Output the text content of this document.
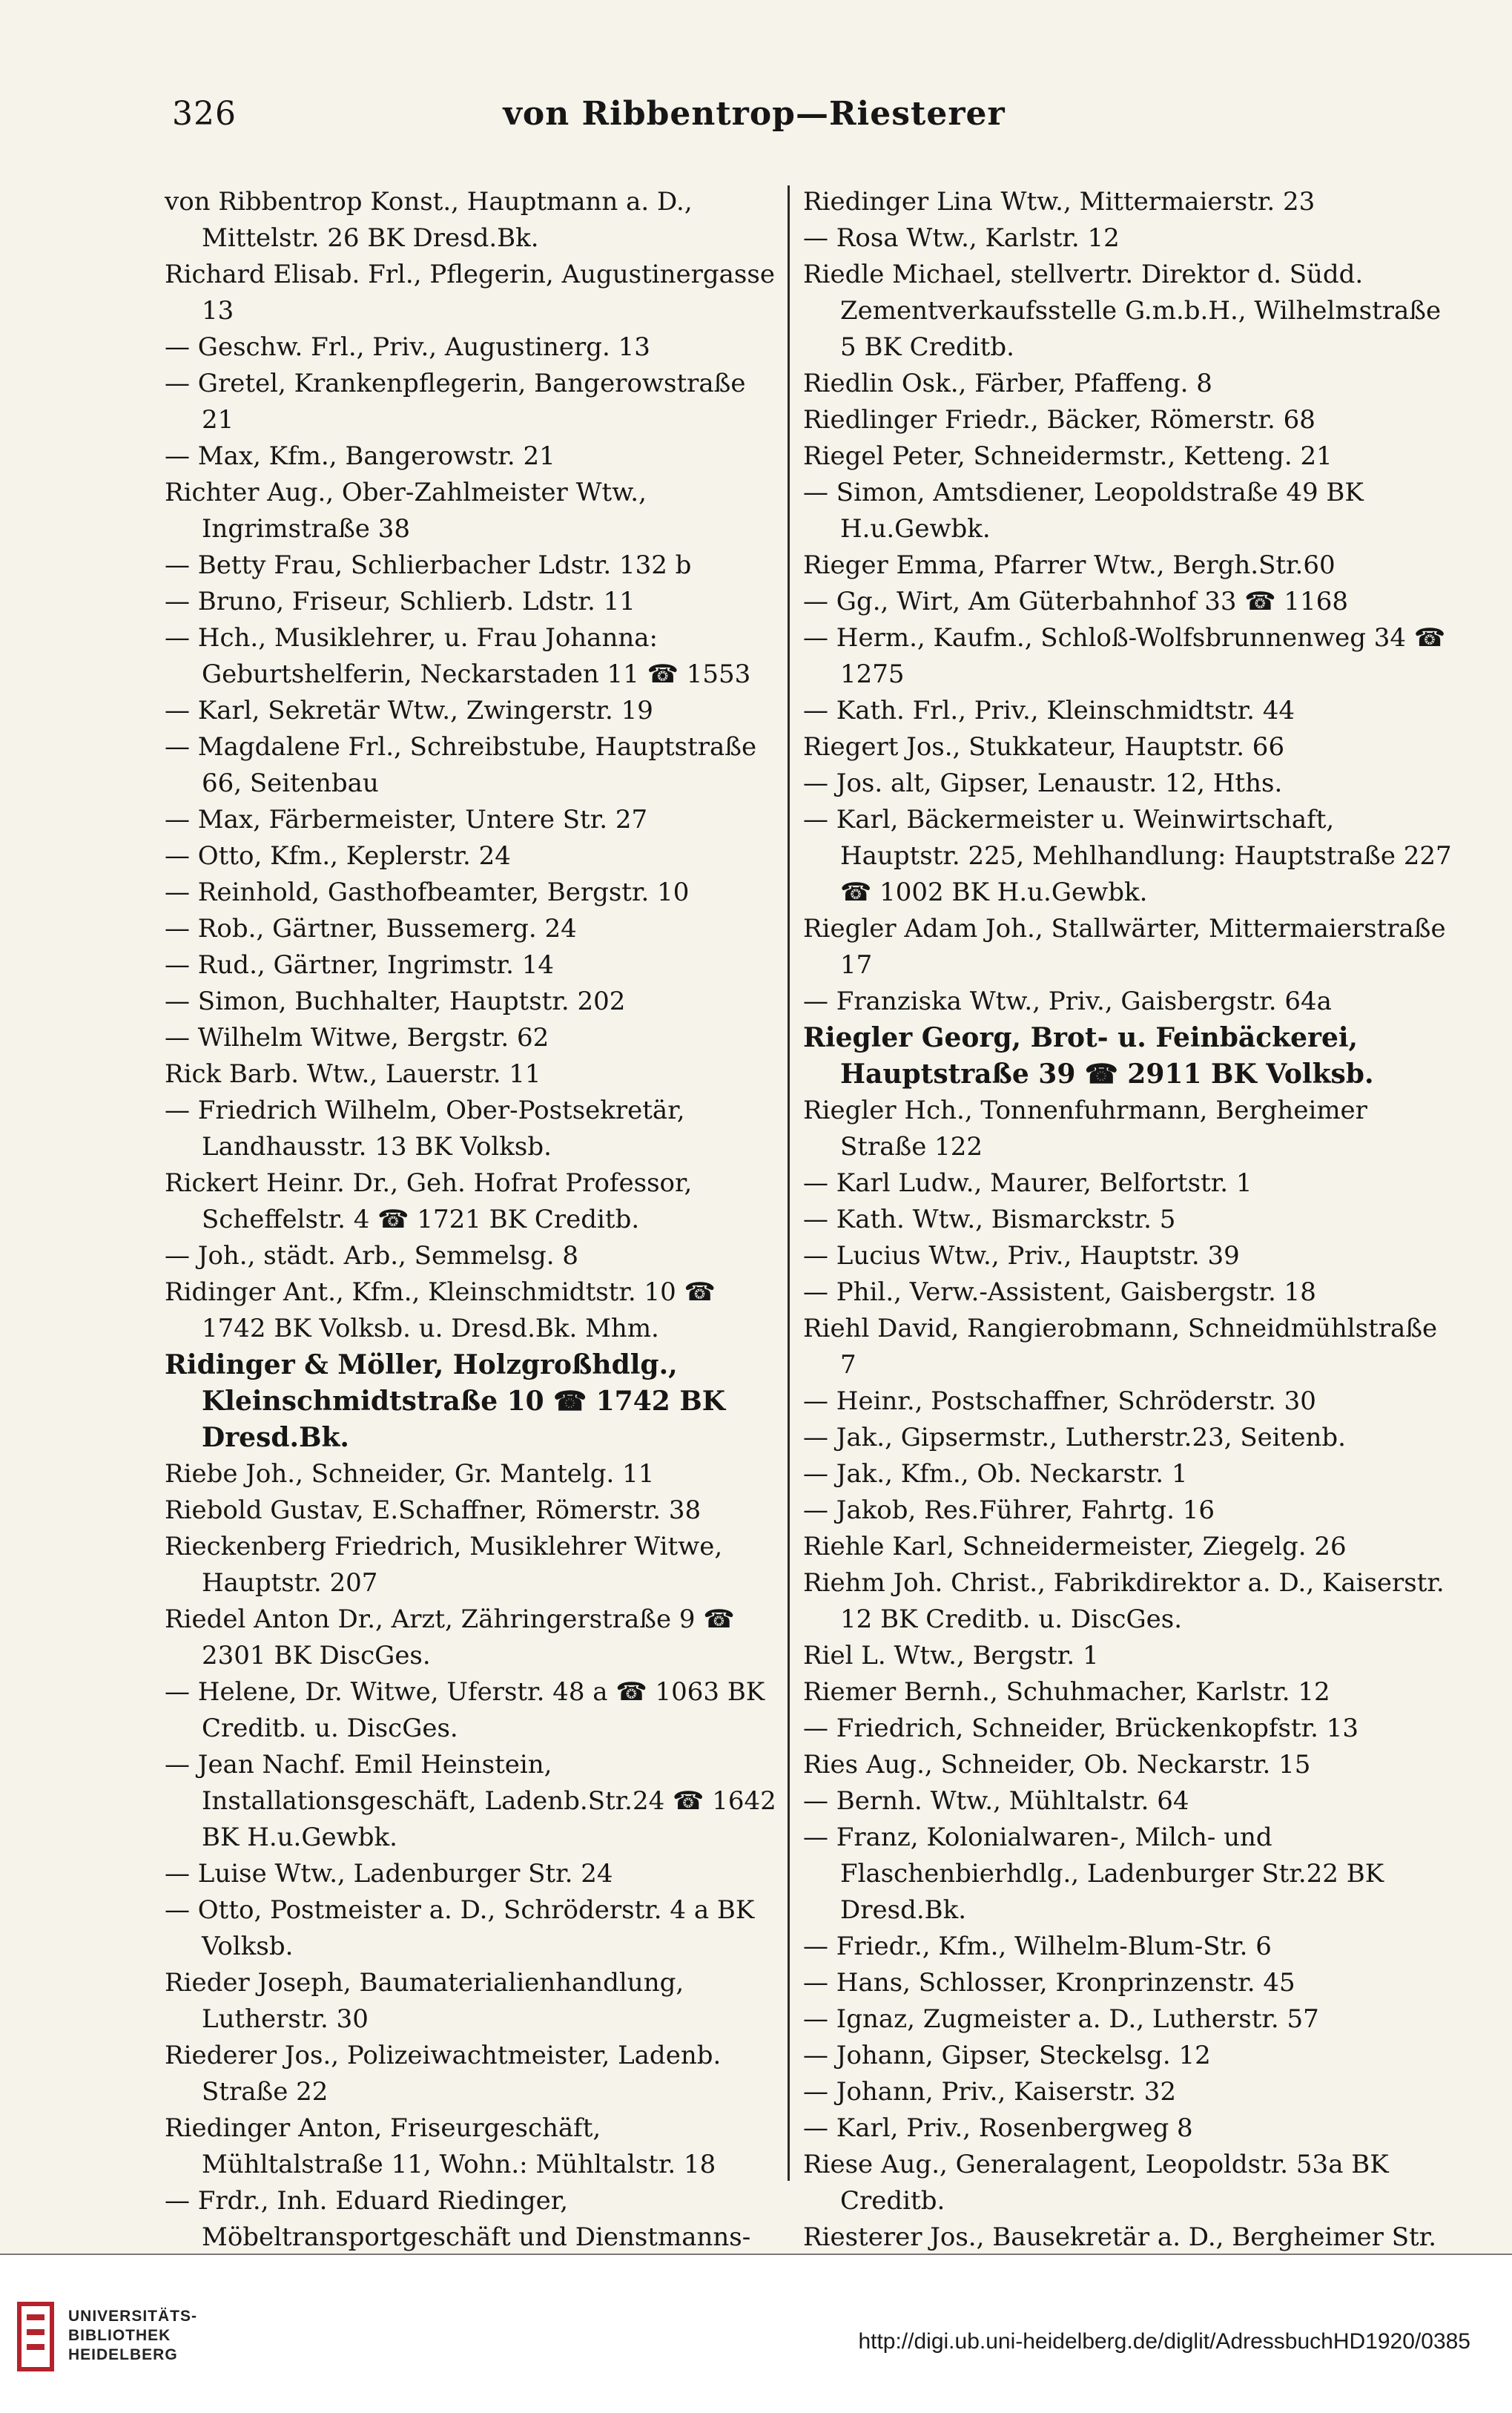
326	von Ribbentrop—Riesterer

von Ribbentrop Konst., Hauptmann a. D., Mittelstr. 26 BK Dresd.Bk.

Richard Elisab. Frl., Pflegerin, Augustinergasse 13

— Geschw. Frl., Priv., Augustinerg. 13

— Gretel, Krankenpflegerin, Bangerowstraße 21

— Max, Kfm., Bangerowstr. 21

Richter Aug., Ober-Zahlmeister Wtw., Ingrimstraße 38

— Betty Frau, Schlierbacher Ldstr. 132 b

— Bruno, Friseur, Schlierb. Ldstr. 11

— Hch., Musiklehrer, u. Frau Johanna: Geburtshelferin, Neckarstaden 11 ☎ 1553

— Karl, Sekretär Wtw., Zwingerstr. 19

— Magdalene Frl., Schreibstube, Hauptstraße 66, Seitenbau

— Max, Färbermeister, Untere Str. 27

— Otto, Kfm., Keplerstr. 24

— Reinhold, Gasthofbeamter, Bergstr. 10

— Rob., Gärtner, Bussemerg. 24

— Rud., Gärtner, Ingrimstr. 14

— Simon, Buchhalter, Hauptstr. 202

— Wilhelm Witwe, Bergstr. 62

Rick Barb. Wtw., Lauerstr. 11

— Friedrich Wilhelm, Ober-Postsekretär, Landhausstr. 13 BK Volksb.

Rickert Heinr. Dr., Geh. Hofrat Professor, Scheffelstr. 4 ☎ 1721 BK Creditb.

— Joh., städt. Arb., Semmelsg. 8

Ridinger Ant., Kfm., Kleinschmidtstr. 10 ☎ 1742 BK Volksb. u. Dresd.Bk. Mhm.

Ridinger & Möller, Holzgroßhdlg., Kleinschmidtstraße 10 ☎ 1742 BK Dresd.Bk.

Riebe Joh., Schneider, Gr. Mantelg. 11

Riebold Gustav, E.Schaffner, Römerstr. 38

Rieckenberg Friedrich, Musiklehrer Witwe, Hauptstr. 207

Riedel Anton Dr., Arzt, Zähringerstraße 9 ☎ 2301 BK DiscGes.

— Helene, Dr. Witwe, Uferstr. 48 a ☎ 1063 BK Creditb. u. DiscGes.

— Jean Nachf. Emil Heinstein, Installationsgeschäft, Ladenb.Str.24 ☎ 1642 BK H.u.Gewbk.

— Luise Wtw., Ladenburger Str. 24

— Otto, Postmeister a. D., Schröderstr. 4 a BK Volksb.

Rieder Joseph, Baumaterialienhandlung, Lutherstr. 30

Riederer Jos., Polizeiwachtmeister, Ladenb. Straße 22

Riedinger Anton, Friseurgeschäft, Mühltalstraße 11, Wohn.: Mühltalstr. 18

— Frdr., Inh. Eduard Riedinger, Möbeltransportgeschäft und Dienstmanns-

Riedinger Lina Wtw., Mittermaierstr. 23

— Rosa Wtw., Karlstr. 12

Riedle Michael, stellvertr. Direktor d. Südd. Zementverkaufsstelle G.m.b.H., Wilhelmstraße 5 BK Creditb.

Riedlin Osk., Färber, Pfaffeng. 8

Riedlinger Friedr., Bäcker, Römerstr. 68

Riegel Peter, Schneidermstr., Ketteng. 21

— Simon, Amtsdiener, Leopoldstraße 49 BK H.u.Gewbk.

Rieger Emma, Pfarrer Wtw., Bergh.Str.60

— Gg., Wirt, Am Güterbahnhof 33 ☎ 1168

— Herm., Kaufm., Schloß-Wolfsbrunnenweg 34 ☎ 1275

— Kath. Frl., Priv., Kleinschmidtstr. 44

Riegert Jos., Stukkateur, Hauptstr. 66

— Jos. alt, Gipser, Lenaustr. 12, Hths.

— Karl, Bäckermeister u. Weinwirtschaft, Hauptstr. 225, Mehlhandlung: Hauptstraße 227 ☎ 1002 BK H.u.Gewbk.

Riegler Adam Joh., Stallwärter, Mittermaierstraße 17

— Franziska Wtw., Priv., Gaisbergstr. 64a

Riegler Georg, Brot- u. Feinbäckerei, Hauptstraße 39 ☎ 2911 BK Volksb.

Riegler Hch., Tonnenfuhrmann, Bergheimer Straße 122

— Karl Ludw., Maurer, Belfortstr. 1

— Kath. Wtw., Bismarckstr. 5

— Lucius Wtw., Priv., Hauptstr. 39

— Phil., Verw.-Assistent, Gaisbergstr. 18

Riehl David, Rangierobmann, Schneidmühlstraße 7

— Heinr., Postschaffner, Schröderstr. 30

— Jak., Gipsermstr., Lutherstr.23, Seitenb.

— Jak., Kfm., Ob. Neckarstr. 1

— Jakob, Res.Führer, Fahrtg. 16

Riehle Karl, Schneidermeister, Ziegelg. 26

Riehm Joh. Christ., Fabrikdirektor a. D., Kaiserstr. 12 BK Creditb. u. DiscGes.

Riel L. Wtw., Bergstr. 1

Riemer Bernh., Schuhmacher, Karlstr. 12

— Friedrich, Schneider, Brückenkopfstr. 13

Ries Aug., Schneider, Ob. Neckarstr. 15

— Bernh. Wtw., Mühltalstr. 64

— Franz, Kolonialwaren-, Milch- und Flaschenbierhdlg., Ladenburger Str.22 BK Dresd.Bk.

— Friedr., Kfm., Wilhelm-Blum-Str. 6

— Hans, Schlosser, Kronprinzenstr. 45

— Ignaz, Zugmeister a. D., Lutherstr. 57

— Johann, Gipser, Steckelsg. 12

— Johann, Priv., Kaiserstr. 32

— Karl, Priv., Rosenbergweg 8

Riese Aug., Generalagent, Leopoldstr. 53a BK Creditb.

Riesterer Jos., Bausekretär a. D., Bergheimer Str.

UNIVERSITÄTS-
BIBLIOTHEK
HEIDELBERG
http://digi.ub.uni-heidelberg.de/diglit/AdressbuchHD1920/0385
